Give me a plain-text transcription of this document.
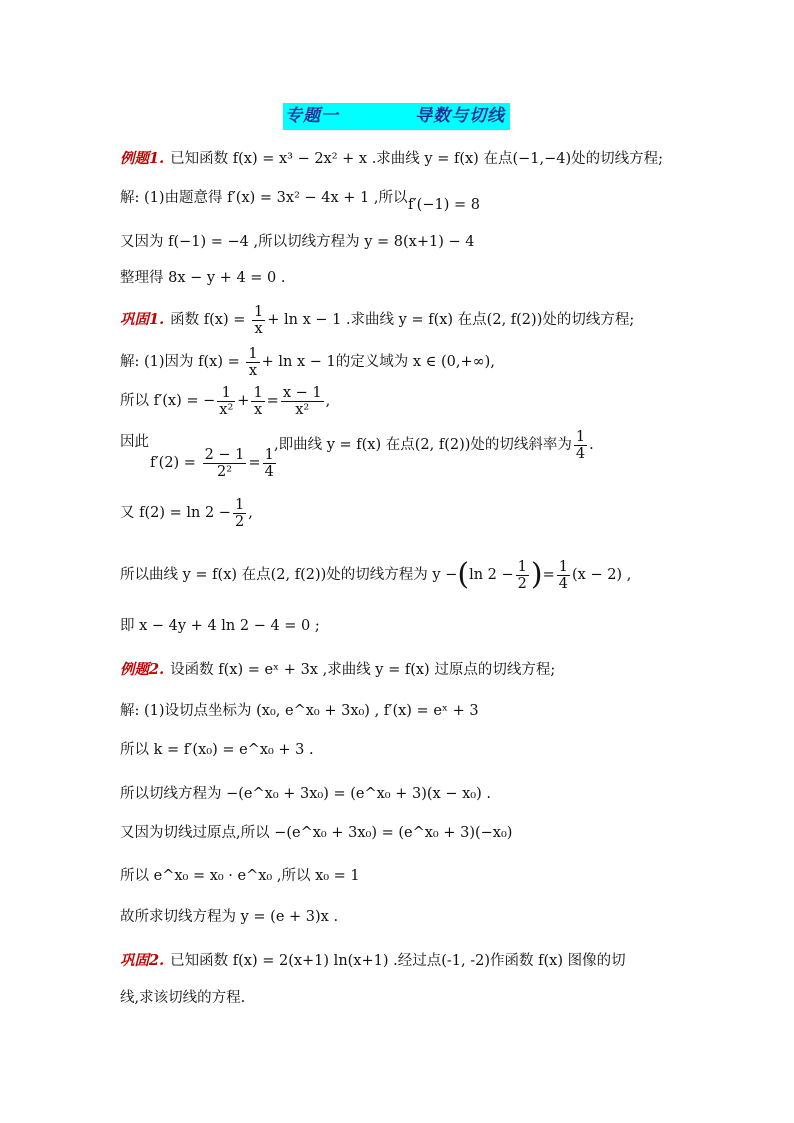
专题一	导数与切线
例题1. 已知函数 f(x) = x³ − 2x² + x .求曲线 y = f(x) 在点(−1,−4)处的切线方程;
解: (1)由题意得 f′(x) = 3x² − 4x + 1 ,所以 f′(−1) = 8
又因为 f(−1) = −4 ,所以切线方程为 y = 8(x+1) − 4
整理得 8x − y + 4 = 0 .
巩固1. 函数 $f(x) = \frac{1}{x} + \ln x - 1$ .求曲线 y = f(x) 在点(2, f(2))处的切线方程;
解: (1)因为 $f(x) = \frac{1}{x} + \ln x - 1$的定义域为 x ∈ (0,+∞),
所以 f′(x) = − $\frac{1}{\text{x²}} + \frac{1}{x} = \frac{x - 1}{\text{x²}}$ ,
因此	,即曲线 y = f(x) 在点(2, f(2))处的切线斜率为 $\frac{1}{4}$ .
$f'(2) = \frac{2 - 1}{\text{2²}} = \frac{1}{4}$
又 $f(2) = \ln 2 - \frac{1}{2}$ ,
所以曲线 y = f(x) 在点(2, f(2))处的切线方程为 y −(ln $2 - \frac{1}{2}$ )= $\frac{1}{4} (x - 2)$ ,
即 x − 4y + 4 ln 2 − 4 = 0 ;
例题2. 设函数 f(x) = eˣ + 3x ,求曲线 y = f(x) 过原点的切线方程;
解: (1)设切点坐标为 (x₀, e^x₀ + 3x₀) , f′(x) = eˣ + 3
所以 k = f′(x₀) = e^x₀ + 3 .
所以切线方程为 −(e^x₀ + 3x₀) = (e^x₀ + 3)(x − x₀) .
又因为切线过原点,所以 −(e^x₀ + 3x₀) = (e^x₀ + 3)(−x₀)
所以 e^x₀ = x₀ · e^x₀ ,所以 x₀ = 1
故所求切线方程为 y = (e + 3)x .
巩固2. 已知函数 f(x) = 2(x+1) ln(x+1) .经过点(-1, -2)作函数 f(x) 图像的切
线,求该切线的方程.
